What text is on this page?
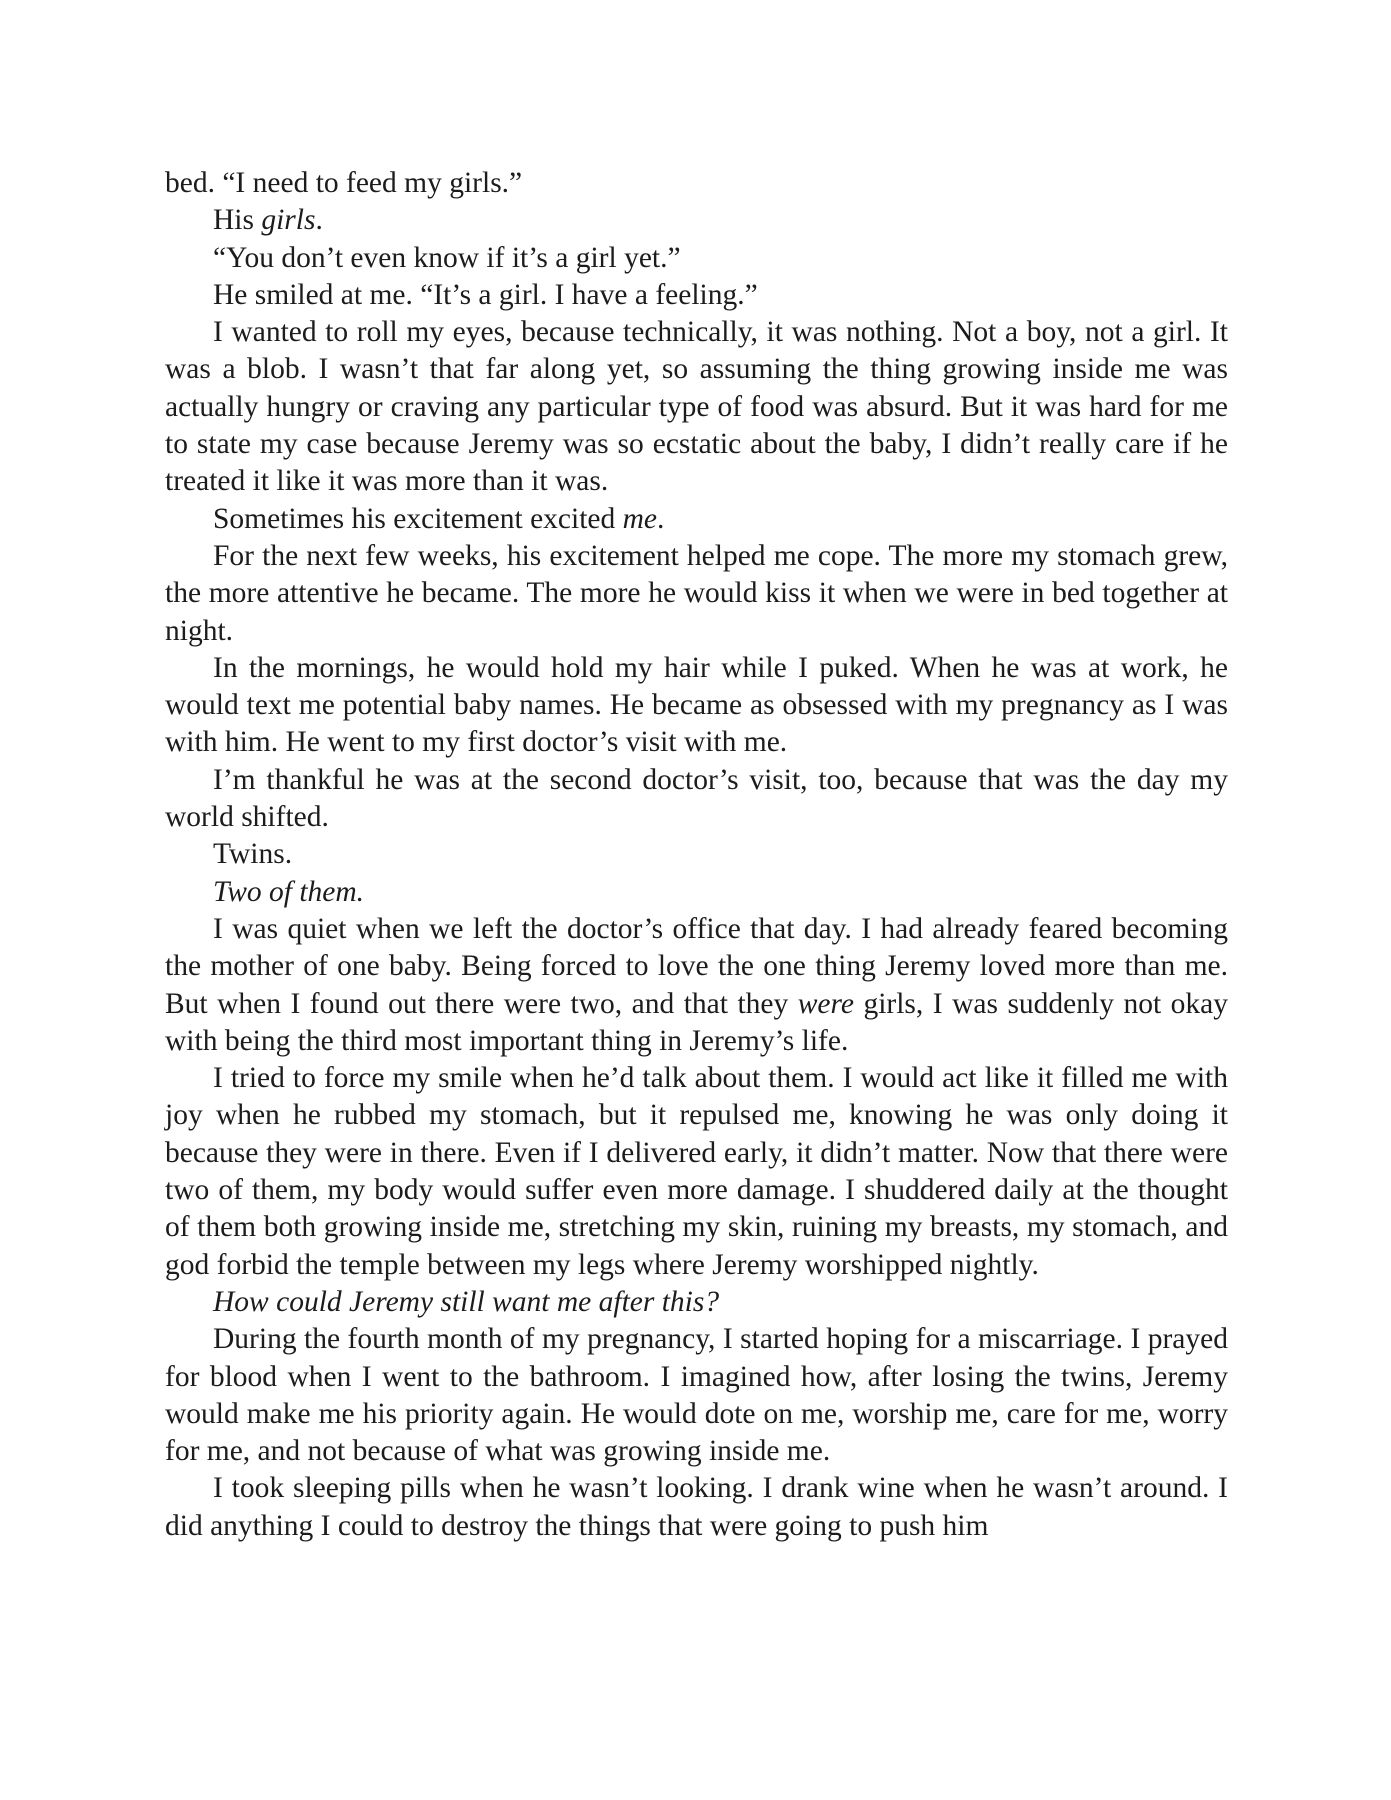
bed. “I need to feed my girls.”

His girls.

“You don’t even know if it’s a girl yet.”

He smiled at me. “It’s a girl. I have a feeling.”

I wanted to roll my eyes, because technically, it was nothing. Not a boy, not a girl. It was a blob. I wasn’t that far along yet, so assuming the thing growing inside me was actually hungry or craving any particular type of food was absurd. But it was hard for me to state my case because Jeremy was so ecstatic about the baby, I didn’t really care if he treated it like it was more than it was.

Sometimes his excitement excited me.

For the next few weeks, his excitement helped me cope. The more my stomach grew, the more attentive he became. The more he would kiss it when we were in bed together at night.

In the mornings, he would hold my hair while I puked. When he was at work, he would text me potential baby names. He became as obsessed with my pregnancy as I was with him. He went to my first doctor’s visit with me.

I’m thankful he was at the second doctor’s visit, too, because that was the day my world shifted.

Twins.

Two of them.

I was quiet when we left the doctor’s office that day. I had already feared becoming the mother of one baby. Being forced to love the one thing Jeremy loved more than me. But when I found out there were two, and that they were girls, I was suddenly not okay with being the third most important thing in Jeremy’s life.

I tried to force my smile when he’d talk about them. I would act like it filled me with joy when he rubbed my stomach, but it repulsed me, knowing he was only doing it because they were in there. Even if I delivered early, it didn’t matter. Now that there were two of them, my body would suffer even more damage. I shuddered daily at the thought of them both growing inside me, stretching my skin, ruining my breasts, my stomach, and god forbid the temple between my legs where Jeremy worshipped nightly.

How could Jeremy still want me after this?

During the fourth month of my pregnancy, I started hoping for a miscarriage. I prayed for blood when I went to the bathroom. I imagined how, after losing the twins, Jeremy would make me his priority again. He would dote on me, worship me, care for me, worry for me, and not because of what was growing inside me.

I took sleeping pills when he wasn’t looking. I drank wine when he wasn’t around. I did anything I could to destroy the things that were going to push him
